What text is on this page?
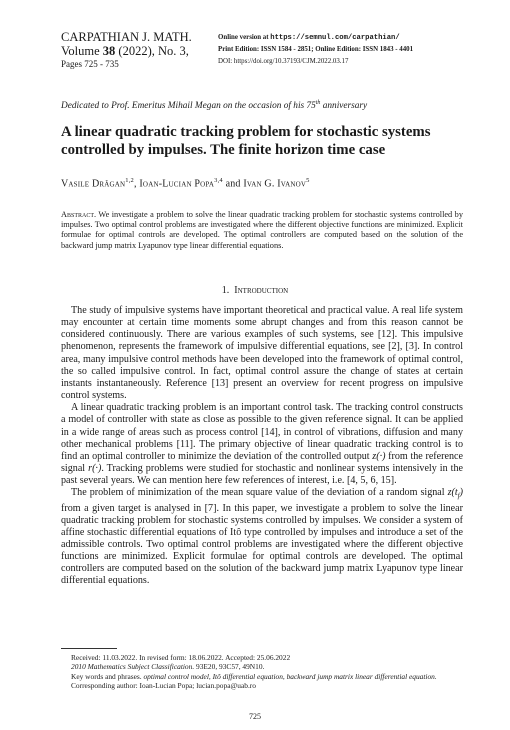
CARPATHIAN J. MATH.
Volume 38 (2022), No. 3,
Pages 725 - 735
Online version at https://semnul.com/carpathian/
Print Edition: ISSN 1584 - 2851; Online Edition: ISSN 1843 - 4401
DOI: https://doi.org/10.37193/CJM.2022.03.17
Dedicated to Prof. Emeritus Mihail Megan on the occasion of his 75th anniversary
A linear quadratic tracking problem for stochastic systems controlled by impulses. The finite horizon time case
Vasile Drăgan$^{1,2}$, Ioan-Lucian Popa$^{3,4}$ and Ivan G. Ivanov$^5$
Abstract. We investigate a problem to solve the linear quadratic tracking problem for stochastic systems controlled by impulses. Two optimal control problems are investigated where the different objective functions are minimized. Explicit formulae for optimal controls are developed. The optimal controllers are computed based on the solution of the backward jump matrix Lyapunov type linear differential equations.
1. Introduction

The study of impulsive systems have important theoretical and practical value. A real life system may encounter at certain time moments some abrupt changes and from this reason cannot be considered continuously. There are various examples of such systems, see [12]. This impulsive phenomenon, represents the framework of impulsive differential equations, see [2], [3]. In control area, many impulsive control methods have been developed into the framework of optimal control, the so called impulsive control. In fact, optimal control assure the change of states at certain instants instantaneously. Reference [13] present an overview for recent progress on impulsive control systems.

A linear quadratic tracking problem is an important control task. The tracking control constructs a model of controller with state as close as possible to the given reference signal. It can be applied in a wide range of areas such as process control [14], in control of vibrations, diffusion and many other mechanical problems [11]. The primary objective of linear quadratic tracking control is to find an optimal controller to minimize the deviation of the controlled output z(·) from the reference signal r(·). Tracking problems were studied for stochastic and nonlinear systems intensively in the past several years. We can mention here few references of interest, i.e. [4, 5, 6, 15].

The problem of minimization of the mean square value of the deviation of a random signal $z(t_f)$ from a given target is analysed in [7]. In this paper, we investigate a problem to solve the linear quadratic tracking problem for stochastic systems controlled by impulses. We consider a system of affine stochastic differential equations of Itô type controlled by impulses and introduce a set of the admissible controls. Two optimal control problems are investigated where the different objective functions are minimized. Explicit formulae for optimal controls are developed. The optimal controllers are computed based on the solution of the backward jump matrix Lyapunov type linear differential equations.

Received: 11.03.2022. In revised form: 18.06.2022. Accepted: 25.06.2022
2010 Mathematics Subject Classification. 93E20, 93C57, 49N10.
Key words and phrases. optimal control model, Itô differential equation, backward jump matrix linear differential equation.
Corresponding author: Ioan-Lucian Popa; lucian.popa@uab.ro
725
